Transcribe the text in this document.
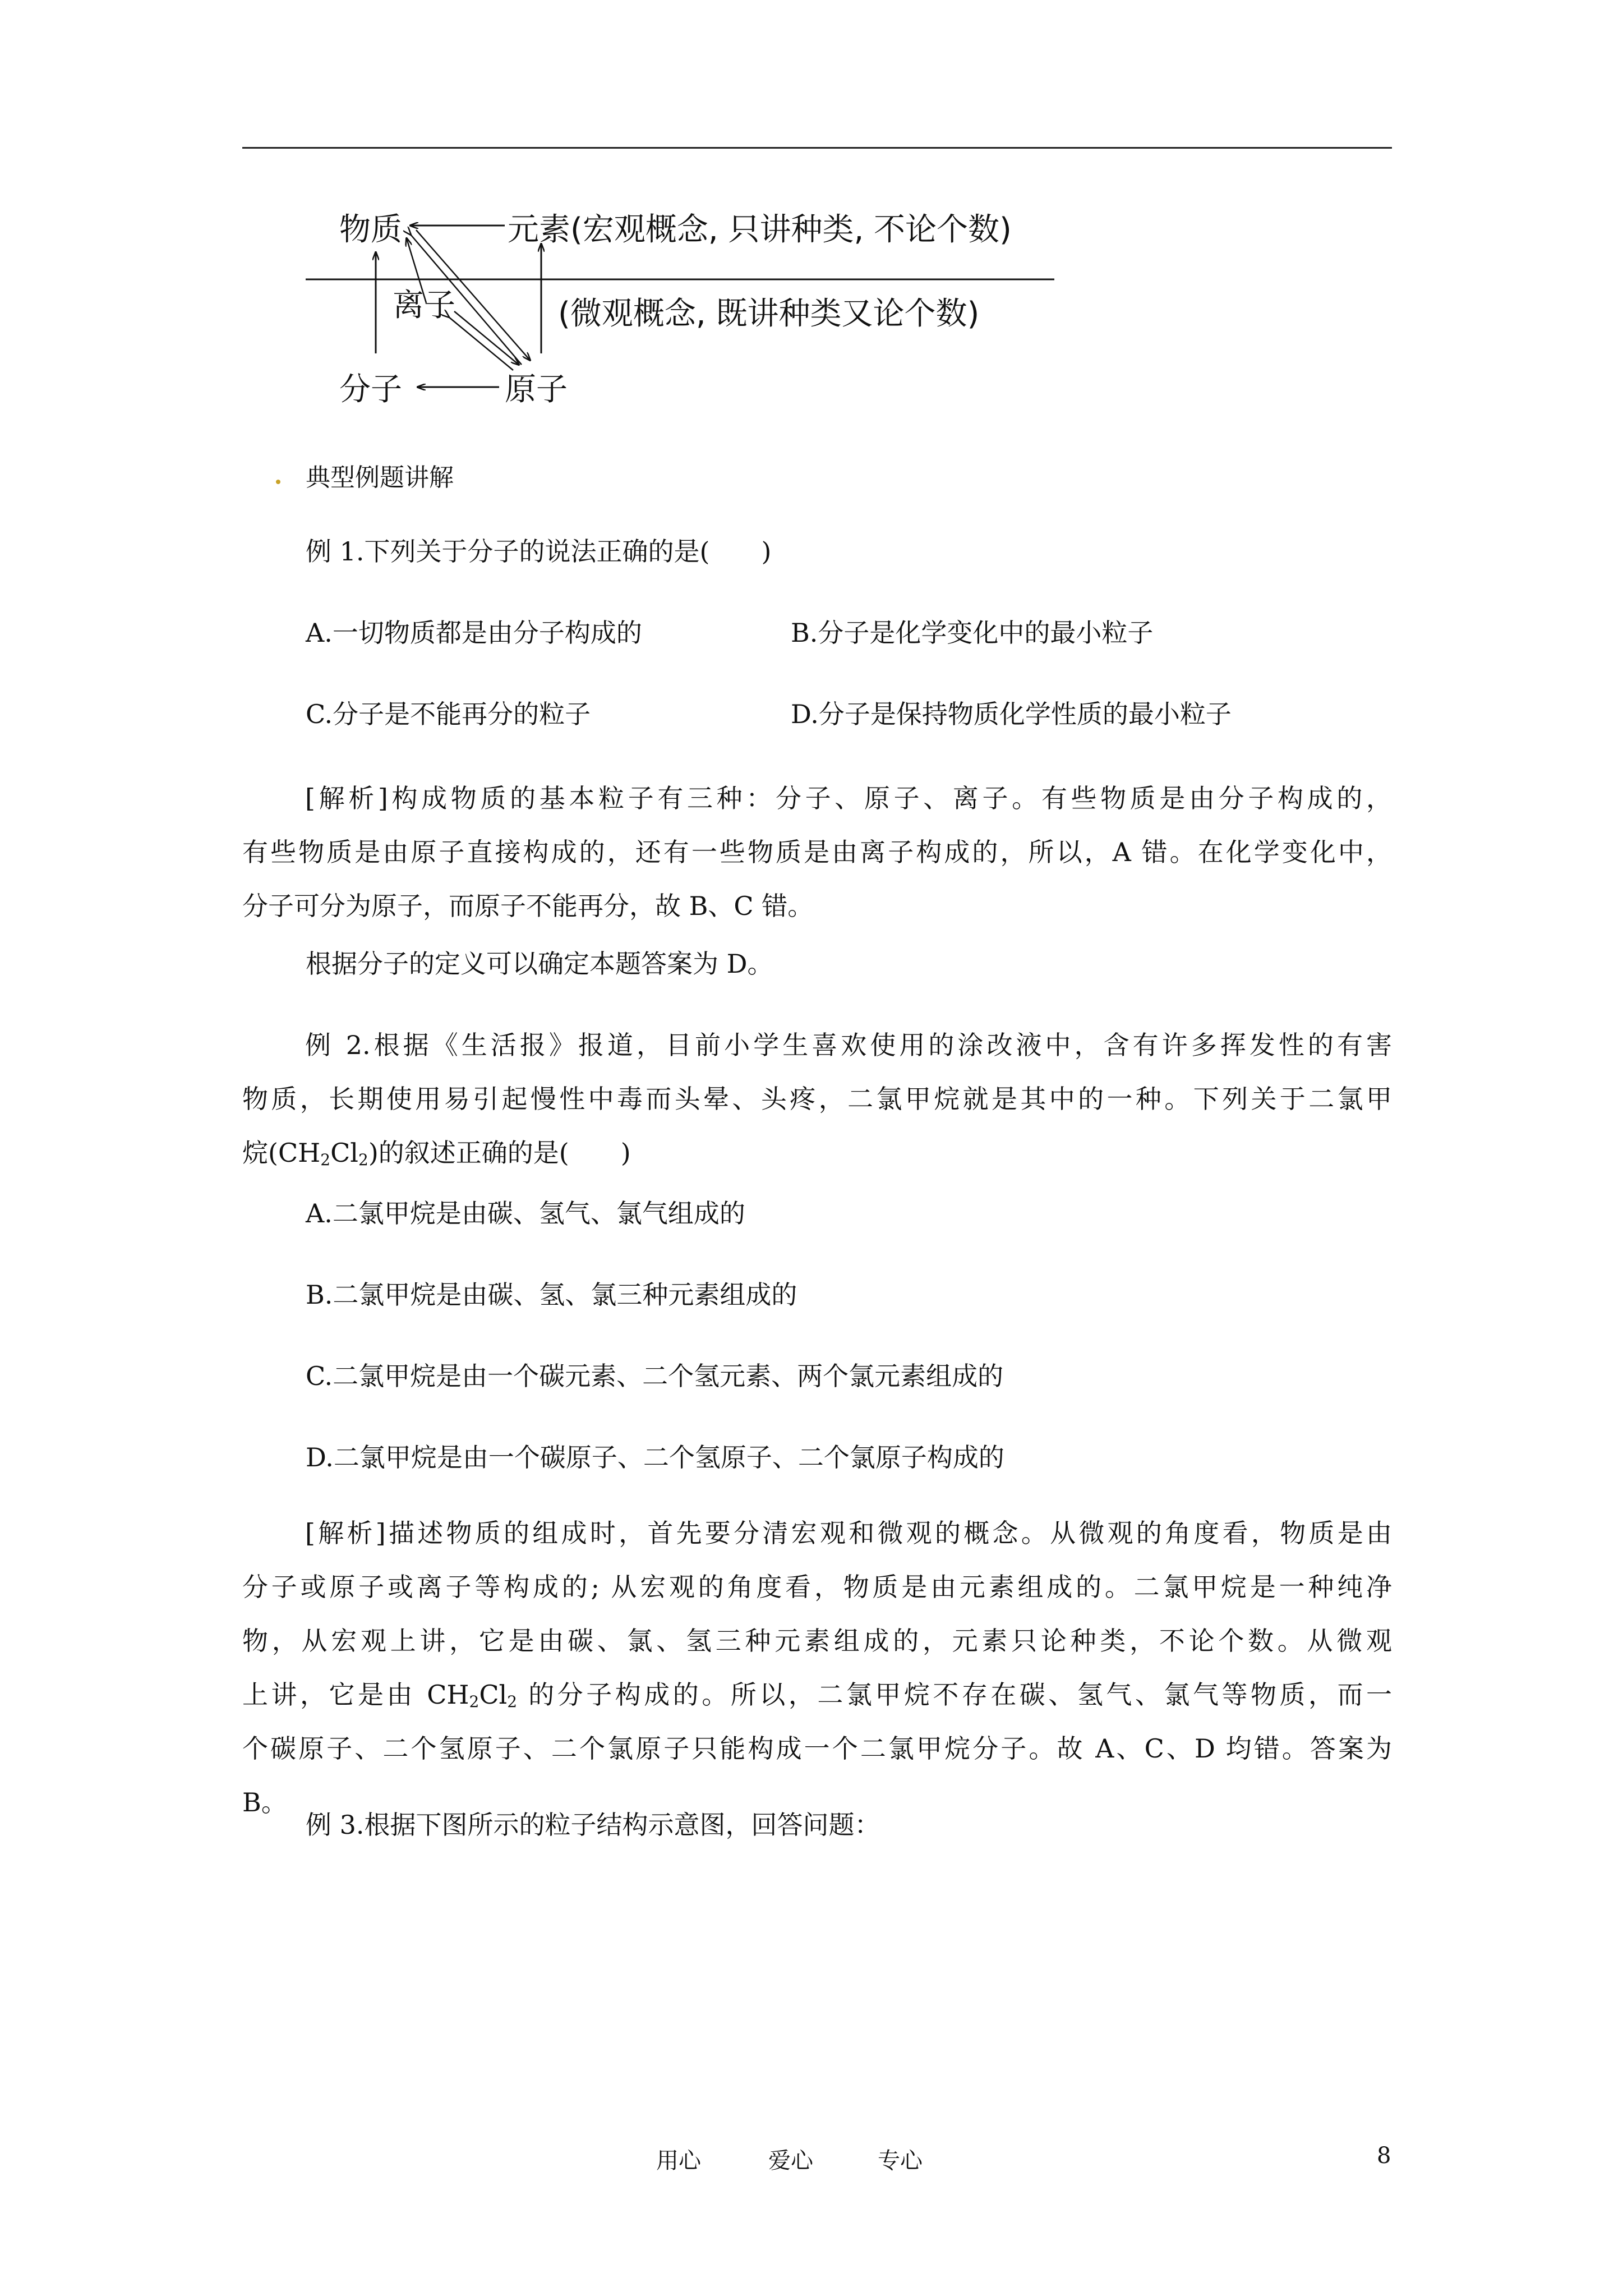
物质	元素(宏观概念, 只讲种类, 不论个数)
离子	(微观概念, 既讲种类又论个数)
分子	原子
典型例题讲解
例 1.下列关于分子的说法正确的是(　　)
A.一切物质都是由分子构成的	B.分子是化学变化中的最小粒子
C.分子是不能再分的粒子	D.分子是保持物质化学性质的最小粒子
[解析]构成物质的基本粒子有三种：分子、原子、离子。有些物质是由分子构成的，
有些物质是由原子直接构成的，还有一些物质是由离子构成的，所以，A 错。在化学变化中，
分子可分为原子，而原子不能再分，故 B、C 错。
根据分子的定义可以确定本题答案为 D。
例 2.根据《生活报》报道，目前小学生喜欢使用的涂改液中，含有许多挥发性的有害
物质，长期使用易引起慢性中毒而头晕、头疼，二氯甲烷就是其中的一种。下列关于二氯甲
烷$(CH_2Cl_2)$的叙述正确的是(　　)
A.二氯甲烷是由碳、氢气、氯气组成的
B.二氯甲烷是由碳、氢、氯三种元素组成的
C.二氯甲烷是由一个碳元素、二个氢元素、两个氯元素组成的
D.二氯甲烷是由一个碳原子、二个氢原子、二个氯原子构成的
[解析]描述物质的组成时，首先要分清宏观和微观的概念。从微观的角度看，物质是由
分子或原子或离子等构成的; 从宏观的角度看，物质是由元素组成的。二氯甲烷是一种纯净
物，从宏观上讲，它是由碳、氯、氢三种元素组成的，元素只论种类，不论个数。从微观
上讲，它是由 $CH_2Cl_2$ 的分子构成的。所以，二氯甲烷不存在碳、氢气、氯气等物质，而一
个碳原子、二个氢原子、二个氯原子只能构成一个二氯甲烷分子。故 A、C、D 均错。答案为
B。
例 3.根据下图所示的粒子结构示意图，回答问题：
用心	爱心	专心	8
